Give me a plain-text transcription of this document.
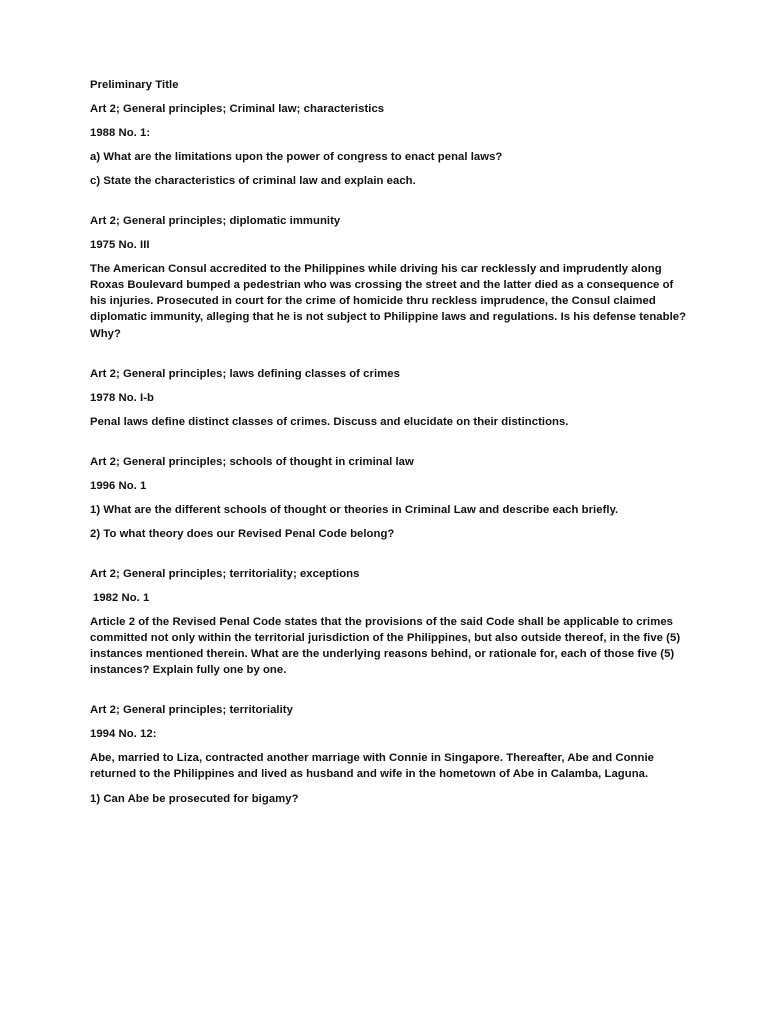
Preliminary Title
Art 2; General principles; Criminal law; characteristics
1988 No. 1:
a) What are the limitations upon the power of congress to enact penal laws?
c) State the characteristics of criminal law and explain each.
Art 2; General principles; diplomatic immunity
1975 No. III
The American Consul accredited to the Philippines while driving his car recklessly and imprudently along Roxas Boulevard bumped a pedestrian who was crossing the street and the latter died as a consequence of his injuries. Prosecuted in court for the crime of homicide thru reckless imprudence, the Consul claimed diplomatic immunity, alleging that he is not subject to Philippine laws and regulations. Is his defense tenable? Why?
Art 2; General principles; laws defining classes of crimes
1978 No. I-b
Penal laws define distinct classes of crimes. Discuss and elucidate on their distinctions.
Art 2; General principles; schools of thought in criminal law
1996 No. 1
1) What are the different schools of thought or theories in Criminal Law and describe each briefly.
2) To what theory does our Revised Penal Code belong?
Art 2; General principles; territoriality; exceptions
1982 No. 1
Article 2 of the Revised Penal Code states that the provisions of the said Code shall be applicable to crimes committed not only within the territorial jurisdiction of the Philippines, but also outside thereof, in the five (5) instances mentioned therein. What are the underlying reasons behind, or rationale for, each of those five (5) instances? Explain fully one by one.
Art 2; General principles; territoriality
1994 No. 12:
Abe, married to Liza, contracted another marriage with Connie in Singapore. Thereafter, Abe and Connie returned to the Philippines and lived as husband and wife in the hometown of Abe in Calamba, Laguna.
1) Can Abe be prosecuted for bigamy?
